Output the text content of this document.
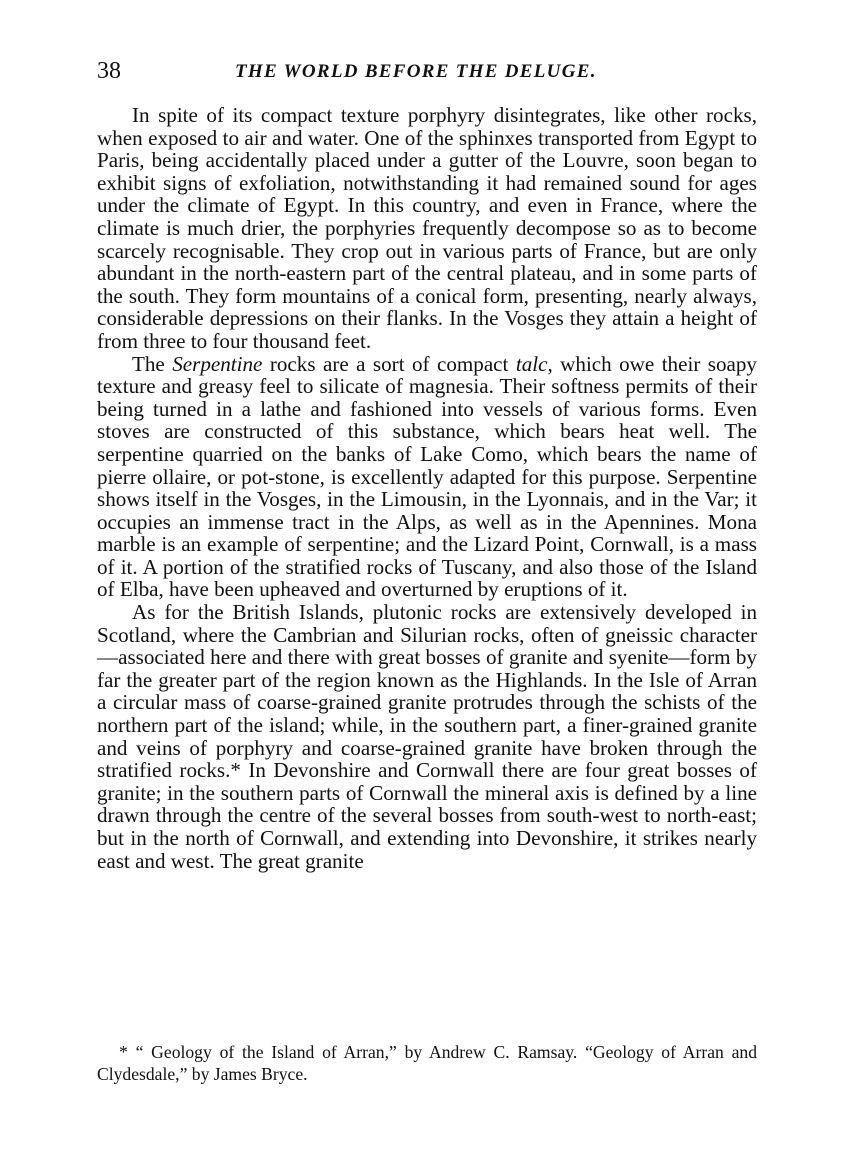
38	THE WORLD BEFORE THE DELUGE.

In spite of its compact texture porphyry disintegrates, like other rocks, when exposed to air and water. One of the sphinxes transported from Egypt to Paris, being accidentally placed under a gutter of the Louvre, soon began to exhibit signs of exfoliation, notwithstanding it had remained sound for ages under the climate of Egypt. In this country, and even in France, where the climate is much drier, the porphyries frequently decompose so as to become scarcely recognisable. They crop out in various parts of France, but are only abundant in the north-eastern part of the central plateau, and in some parts of the south. They form mountains of a conical form, presenting, nearly always, considerable depressions on their flanks. In the Vosges they attain a height of from three to four thousand feet.

The Serpentine rocks are a sort of compact talc, which owe their soapy texture and greasy feel to silicate of magnesia. Their softness permits of their being turned in a lathe and fashioned into vessels of various forms. Even stoves are constructed of this substance, which bears heat well. The serpentine quarried on the banks of Lake Como, which bears the name of pierre ollaire, or pot-stone, is excellently adapted for this purpose. Serpentine shows itself in the Vosges, in the Limousin, in the Lyonnais, and in the Var; it occupies an immense tract in the Alps, as well as in the Apennines. Mona marble is an example of serpentine; and the Lizard Point, Cornwall, is a mass of it. A portion of the stratified rocks of Tuscany, and also those of the Island of Elba, have been upheaved and overturned by eruptions of it.

As for the British Islands, plutonic rocks are extensively developed in Scotland, where the Cambrian and Silurian rocks, often of gneissic character—associated here and there with great bosses of granite and syenite—form by far the greater part of the region known as the Highlands. In the Isle of Arran a circular mass of coarse-grained granite protrudes through the schists of the northern part of the island; while, in the southern part, a finer-grained granite and veins of porphyry and coarse-grained granite have broken through the stratified rocks.* In Devonshire and Cornwall there are four great bosses of granite; in the southern parts of Cornwall the mineral axis is defined by a line drawn through the centre of the several bosses from south-west to north-east; but in the north of Cornwall, and extending into Devonshire, it strikes nearly east and west. The great granite

* “ Geology of the Island of Arran,” by Andrew C. Ramsay. “Geology of Arran and Clydesdale,” by James Bryce.
